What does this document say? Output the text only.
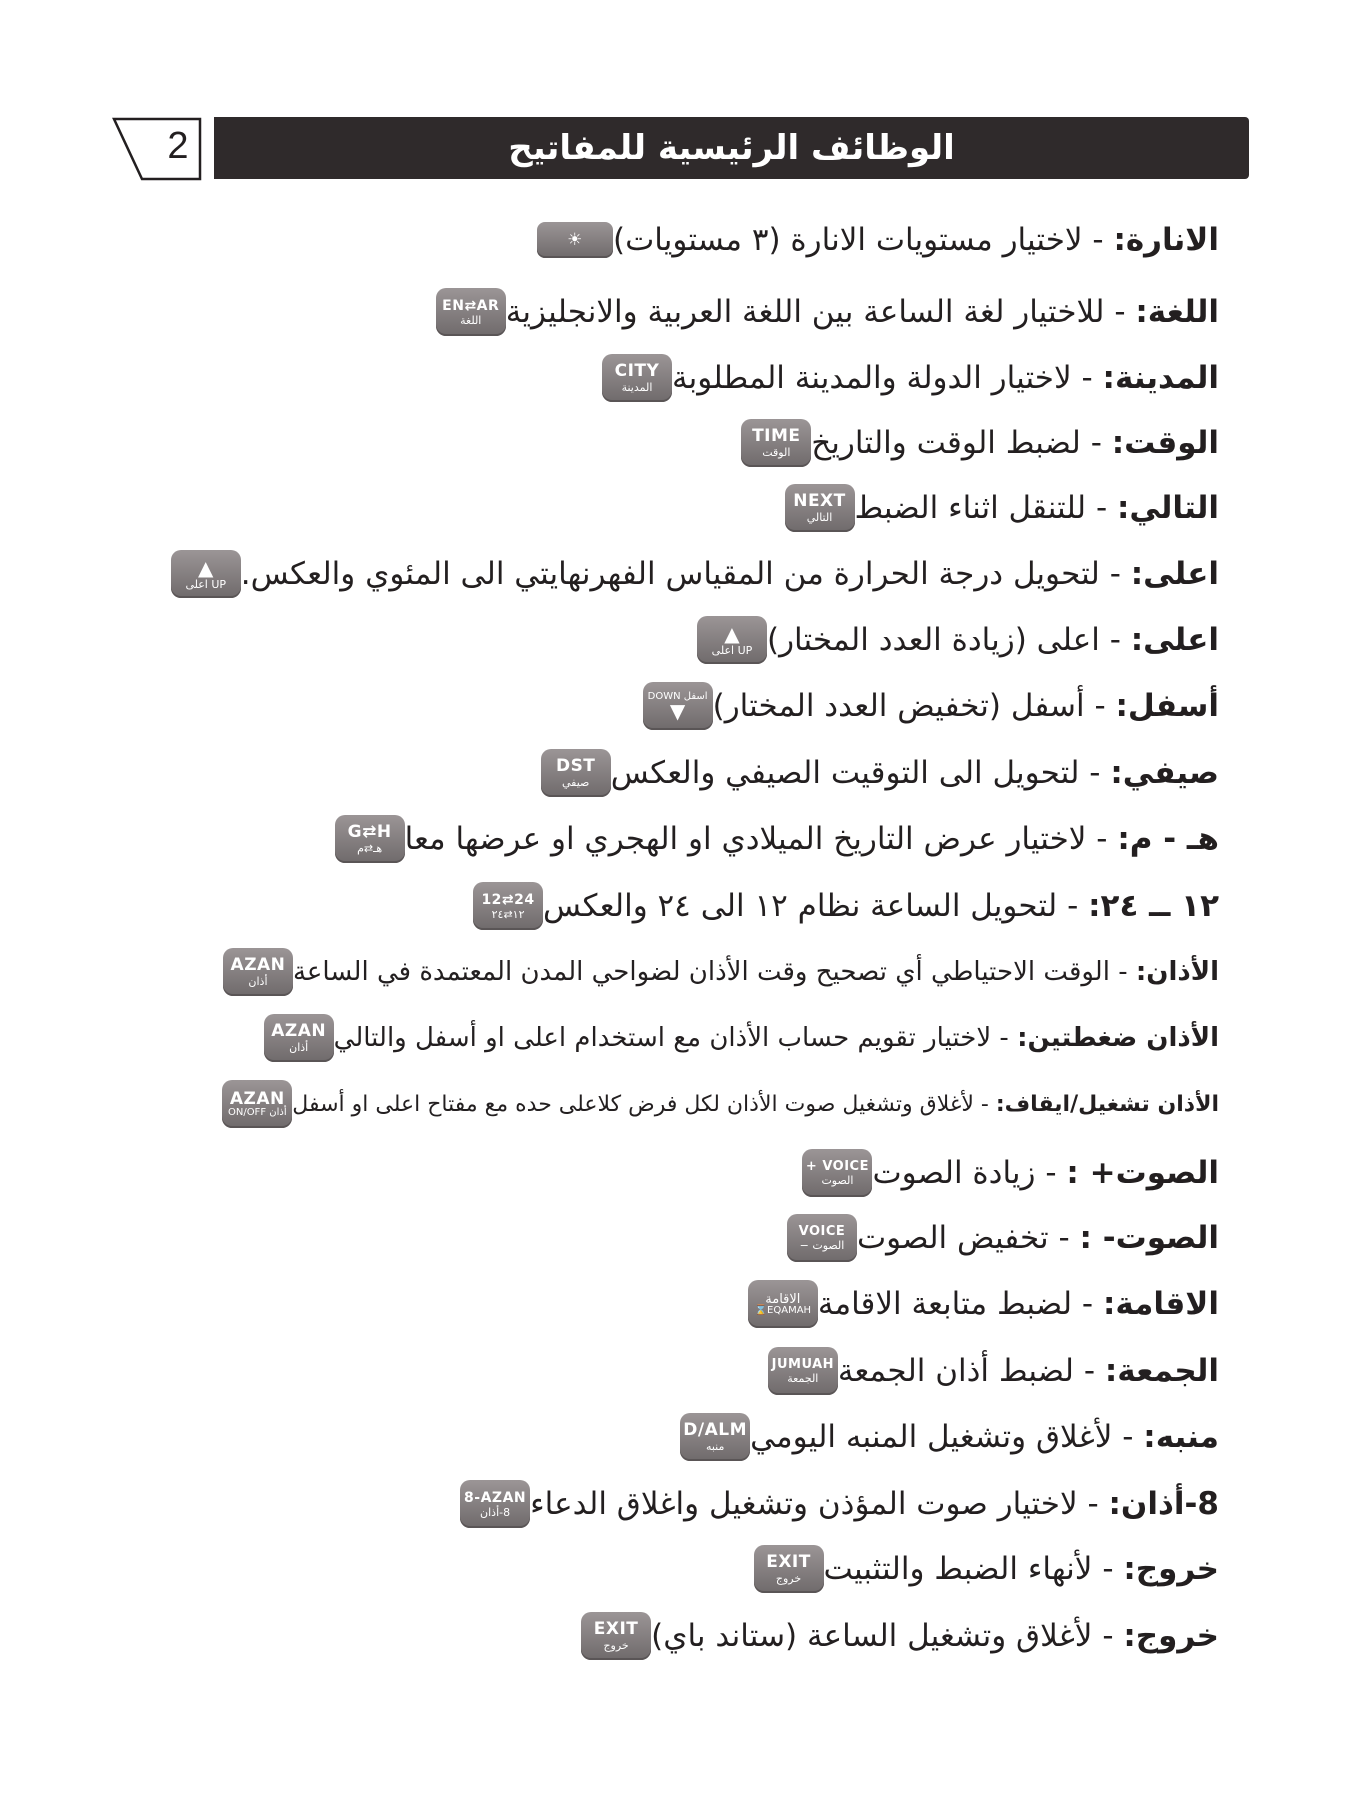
2	الوظائف الرئيسية للمفاتيح
☀	الانارة: - لاختيار مستويات الانارة (٣ مستويات)
EN⇄AR
اللغة	اللغة: - للاختيار لغة الساعة بين اللغة العربية والانجليزية
CITY
المدينة	المدينة: - لاختيار الدولة والمدينة المطلوبة
TIME
الوقت	الوقت: - لضبط الوقت والتاريخ
NEXT
التالي	التالي: - للتنقل اثناء الضبط
▲
UP اعلى	اعلى: - لتحويل درجة الحرارة من المقياس الفهرنهايتي الى المئوي والعكس.
▲
UP اعلى	اعلى: - اعلى (زيادة العدد المختار)
DOWN اسفل
▼	أسفل: - أسفل (تخفيض العدد المختار)
DST
صيفي	صيفي: - لتحويل الى التوقيت الصيفي والعكس
G⇄H
هـ⇄م	هـ - م: - لاختيار عرض التاريخ الميلادي او الهجري او عرضها معا
12⇄24
١٢⇄٢٤	١٢ ــ ٢٤: - لتحويل الساعة نظام ١٢ الى ٢٤ والعكس
AZAN
أذان	الأذان: - الوقت الاحتياطي أي تصحيح وقت الأذان لضواحي المدن المعتمدة في الساعة
AZAN
أذان	الأذان ضغطتين: - لاختيار تقويم حساب الأذان مع استخدام اعلى او أسفل والتالي
AZAN
ON/OFF أذان	الأذان تشغيل/ايقاف: - لأغلاق وتشغيل صوت الأذان لكل فرض كلاعلى حده مع مفتاح اعلى او أسفل
+ VOICE
الصوت	الصوت+ : - زيادة الصوت
VOICE
الصوت −	الصوت- : - تخفيض الصوت
الاقامة
⌛EQAMAH	الاقامة: - لضبط متابعة الاقامة
JUMUAH
الجمعة	الجمعة: - لضبط أذان الجمعة
D/ALM
منبه	منبه: - لأغلاق وتشغيل المنبه اليومي
8-AZAN
8-أذان	8-أذان: - لاختيار صوت المؤذن وتشغيل واغلاق الدعاء
EXIT
خروج	خروج: - لأنهاء الضبط والتثبيت
EXIT
خروج	خروج: - لأغلاق وتشغيل الساعة (ستاند باي)
